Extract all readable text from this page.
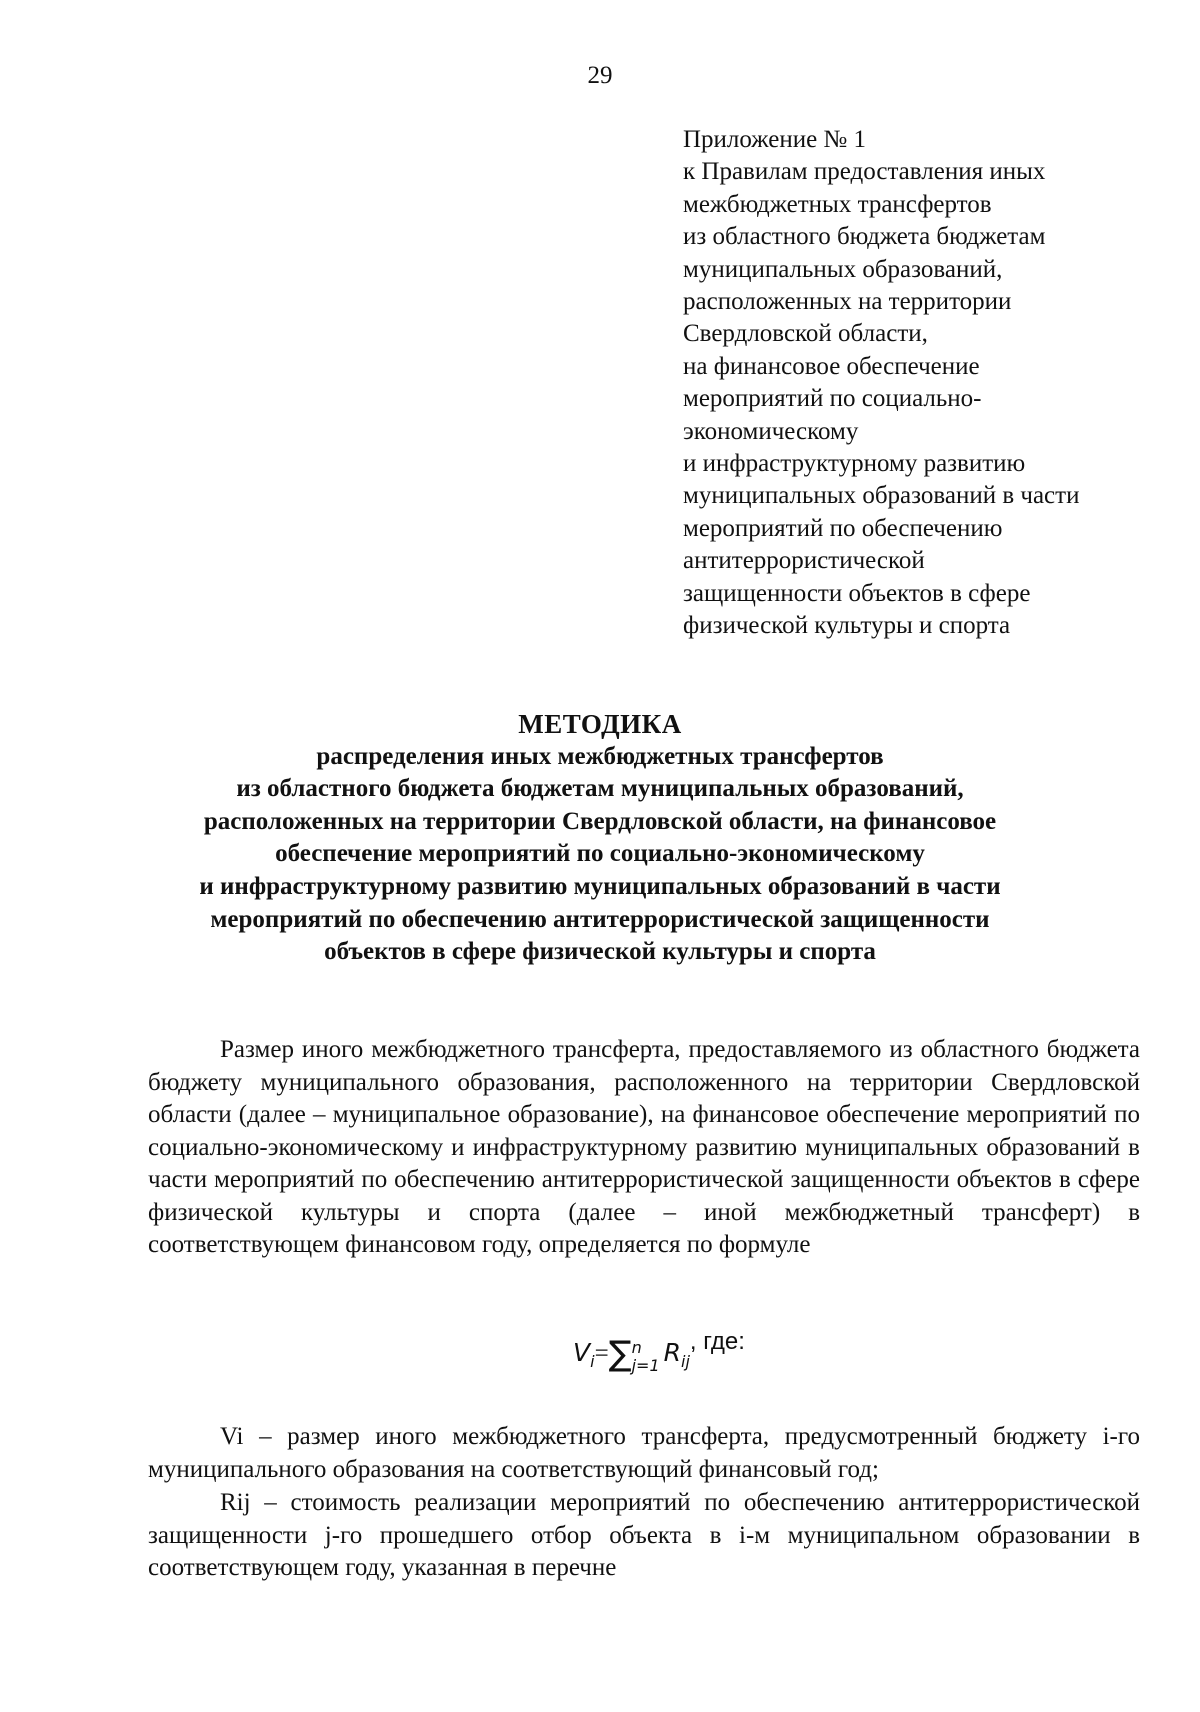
29
Приложение № 1
к Правилам предоставления иных
межбюджетных трансфертов
из областного бюджета бюджетам
муниципальных образований,
расположенных на территории
Свердловской области,
на финансовое обеспечение
мероприятий по социально-
экономическому
и инфраструктурному развитию
муниципальных образований в части
мероприятий по обеспечению
антитеррористической
защищенности объектов в сфере
физической культуры и спорта
МЕТОДИКА
распределения иных межбюджетных трансфертов
из областного бюджета бюджетам муниципальных образований,
расположенных на территории Свердловской области, на финансовое
обеспечение мероприятий по социально-экономическому
и инфраструктурному развитию муниципальных образований в части
мероприятий по обеспечению антитеррористической защищенности
объектов в сфере физической культуры и спорта

Размер иного межбюджетного трансферта, предоставляемого из областного бюджета бюджету муниципального образования, расположенного на территории Свердловской области (далее – муниципальное образование), на финансовое обеспечение мероприятий по социально-экономическому и инфраструктурному развитию муниципальных образований в части мероприятий по обеспечению антитеррористической защищенности объектов в сфере физической культуры и спорта (далее – иной межбюджетный трансферт) в соответствующем финансовом году, определяется по формуле

$V_i=\sum$ n
j=1 $R_{ij}$, где:

Vi – размер иного межбюджетного трансферта, предусмотренный бюджету i-го муниципального образования на соответствующий финансовый год;

Rij – стоимость реализации мероприятий по обеспечению антитеррористической защищенности j-го прошедшего отбор объекта в i-м муниципальном образовании в соответствующем году, указанная в перечне
